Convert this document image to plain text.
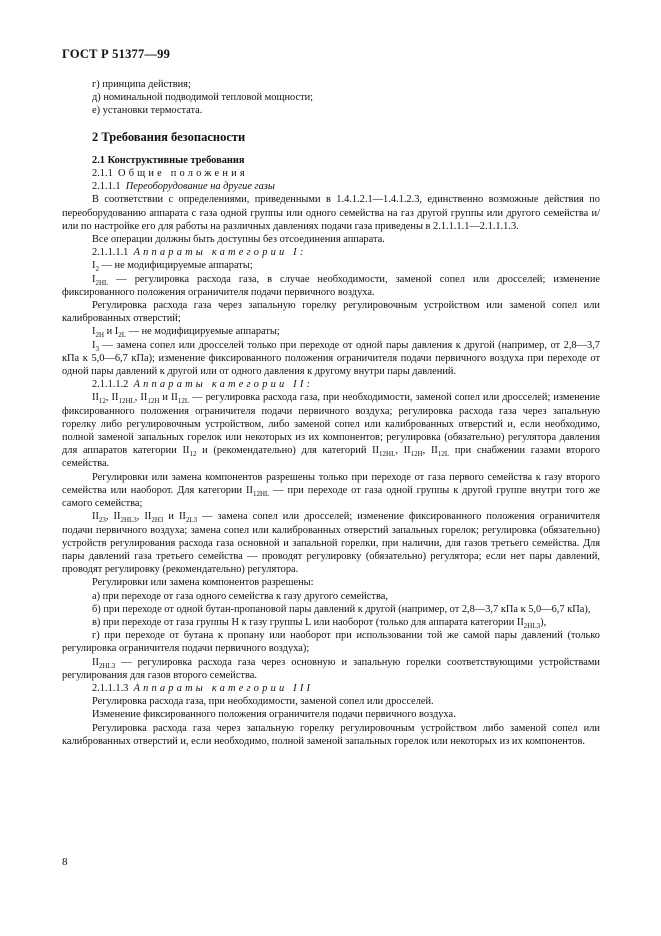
ГОСТ Р 51377—99
г) принципа действия;
д) номинальной подводимой тепловой мощности;
е) установки термостата.
2 Требования безопасности
2.1 Конструктивные требования
2.1.1 Общие положения
2.1.1.1 Переоборудование на другие газы
В соответствии с определениями, приведенными в 1.4.1.2.1—1.4.1.2.3, единственно возможные действия по переоборудованию аппарата с газа одной группы или одного семейства на газ другой группы или другого семейства и/или по настройке его для работы на различных давлениях подачи газа приведены в 2.1.1.1.1—2.1.1.1.3.
Все операции должны быть доступны без отсоединения аппарата.
2.1.1.1.1 Аппараты категории I:
$I_2$ — не модифицируемые аппараты;
$I_{2HL}$ — регулировка расхода газа, в случае необходимости, заменой сопел или дросселей; изменение фиксированного положения ограничителя подачи первичного воздуха.
Регулировка расхода газа через запальную горелку регулировочным устройством или заменой сопел или калиброванных отверстий;
$I_{2H}$ и $I_{2L}$ — не модифицируемые аппараты;
$I_3$ — замена сопел или дросселей только при переходе от одной пары давления к другой (например, от 2,8—3,7 кПа к 5,0—6,7 кПа); изменение фиксированного положения ограничителя подачи первичного воздуха при переходе от одной пары давлений к другой или от одного давления к другому внутри пары давлений.
2.1.1.1.2 Аппараты категории II:
$II_{12}$, $II_{12HL}$, $II_{12H}$ и $II_{12L}$ — регулировка расхода газа, при необходимости, заменой сопел или дросселей; изменение фиксированного положения ограничителя подачи первичного воздуха; регулировка расхода газа через запальную горелку либо регулировочным устройством, либо заменой сопел или калиброванных отверстий и, если необходимо, полной заменой запальных горелок или некоторых из их компонентов; регулировка (обязательно) регулятора давления для аппаратов категории $II_{12}$ и (рекомендательно) для категорий $II_{12HL}$, $II_{12H}$, $II_{12L}$ при снабжении газами второго семейства.
Регулировки или замена компонентов разрешены только при переходе от газа первого семейства к газу второго семейства или наоборот. Для категории $II_{12HL}$ — при переходе от газа одной группы к другой группе внутри того же самого семейства;
$II_{23}$, $II_{2HL3}$, $II_{2H3}$ и $II_{2L3}$ — замена сопел или дросселей; изменение фиксированного положения ограничителя подачи первичного воздуха; замена сопел или калиброванных отверстий запальных горелок; регулировка (обязательно) устройств регулирования расхода газа основной и запальной горелки, при наличии, для газов третьего семейства. Для пары давлений газа третьего семейства — проводят регулировку (обязательно) регулятора; если нет пары давлений, проводят регулировку (рекомендательно) регулятора.
Регулировки или замена компонентов разрешены:
а) при переходе от газа одного семейства к газу другого семейства,
б) при переходе от одной бутан-пропановой пары давлений к другой (например, от 2,8—3,7 кПа к 5,0—6,7 кПа),
в) при переходе от газа группы Н к газу группы L или наоборот (только для аппарата категории $II_{2HL3}$),
г) при переходе от бутана к пропану или наоборот при использовании той же самой пары давлений (только регулировка ограничителя подачи первичного воздуха);
$II_{2HL3}$ — регулировка расхода газа через основную и запальную горелки соответствующими устройствами регулирования для газов второго семейства.
2.1.1.1.3 Аппараты категории III
Регулировка расхода газа, при необходимости, заменой сопел или дросселей.
Изменение фиксированного положения ограничителя подачи первичного воздуха.
Регулировка расхода газа через запальную горелку регулировочным устройством либо заменой сопел или калиброванных отверстий и, если необходимо, полной заменой запальных горелок или некоторых из их компонентов.
8
